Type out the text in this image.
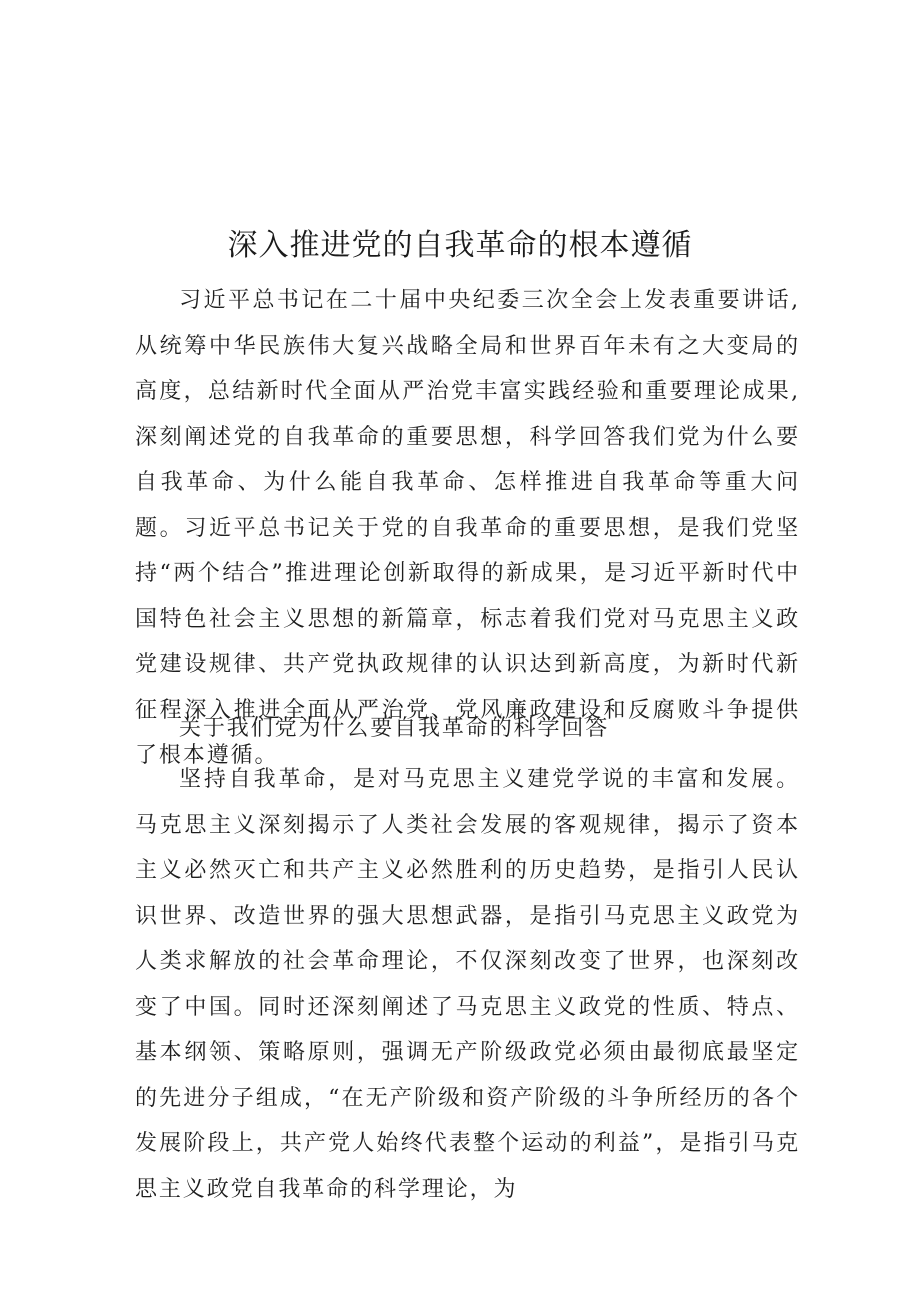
深入推进党的自我革命的根本遵循

习近平总书记在二十届中央纪委三次全会上发表重要讲话,从统筹中华民族伟大复兴战略全局和世界百年未有之大变局的高度，总结新时代全面从严治党丰富实践经验和重要理论成果,深刻阐述党的自我革命的重要思想，科学回答我们党为什么要自我革命、为什么能自我革命、怎样推进自我革命等重大问题。习近平总书记关于党的自我革命的重要思想，是我们党坚持“两个结合”推进理论创新取得的新成果，是习近平新时代中国特色社会主义思想的新篇章，标志着我们党对马克思主义政党建设规律、共产党执政规律的认识达到新高度，为新时代新征程深入推进全面从严治党、党风廉政建设和反腐败斗争提供了根本遵循。

关于我们党为什么要自我革命的科学回答

坚持自我革命，是对马克思主义建党学说的丰富和发展。马克思主义深刻揭示了人类社会发展的客观规律，揭示了资本主义必然灭亡和共产主义必然胜利的历史趋势，是指引人民认识世界、改造世界的强大思想武器，是指引马克思主义政党为人类求解放的社会革命理论，不仅深刻改变了世界，也深刻改变了中国。同时还深刻阐述了马克思主义政党的性质、特点、基本纲领、策略原则，强调无产阶级政党必须由最彻底最坚定的先进分子组成，“在无产阶级和资产阶级的斗争所经历的各个发展阶段上，共产党人始终代表整个运动的利益”，是指引马克思主义政党自我革命的科学理论，为
